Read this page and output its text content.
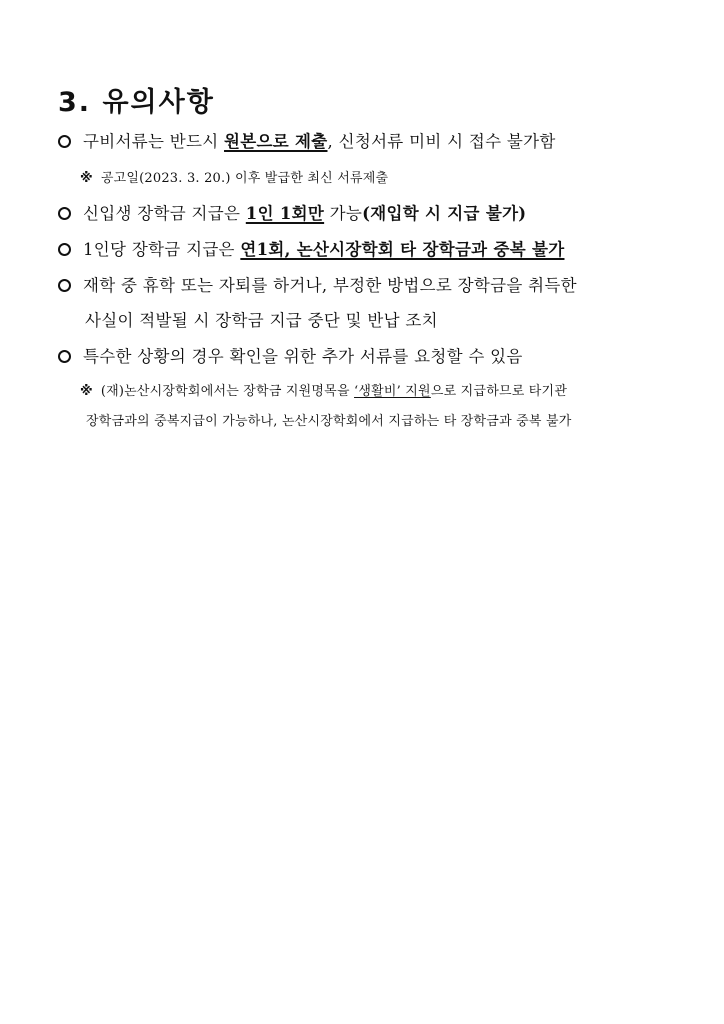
3. 유의사항
구비서류는 반드시 원본으로 제출, 신청서류 미비 시 접수 불가함
※ 공고일(2023. 3. 20.) 이후 발급한 최신 서류제출
신입생 장학금 지급은 1인 1회만 가능(재입학 시 지급 불가)
1인당 장학금 지급은 연1회, 논산시장학회 타 장학금과 중복 불가
재학 중 휴학 또는 자퇴를 하거나, 부정한 방법으로 장학금을 취득한
사실이 적발될 시 장학금 지급 중단 및 반납 조치
특수한 상황의 경우 확인을 위한 추가 서류를 요청할 수 있음
※ (재)논산시장학회에서는 장학금 지원명목을 ‘생활비’ 지원으로 지급하므로 타기관
장학금과의 중복지급이 가능하나, 논산시장학회에서 지급하는 타 장학금과 중복 불가
